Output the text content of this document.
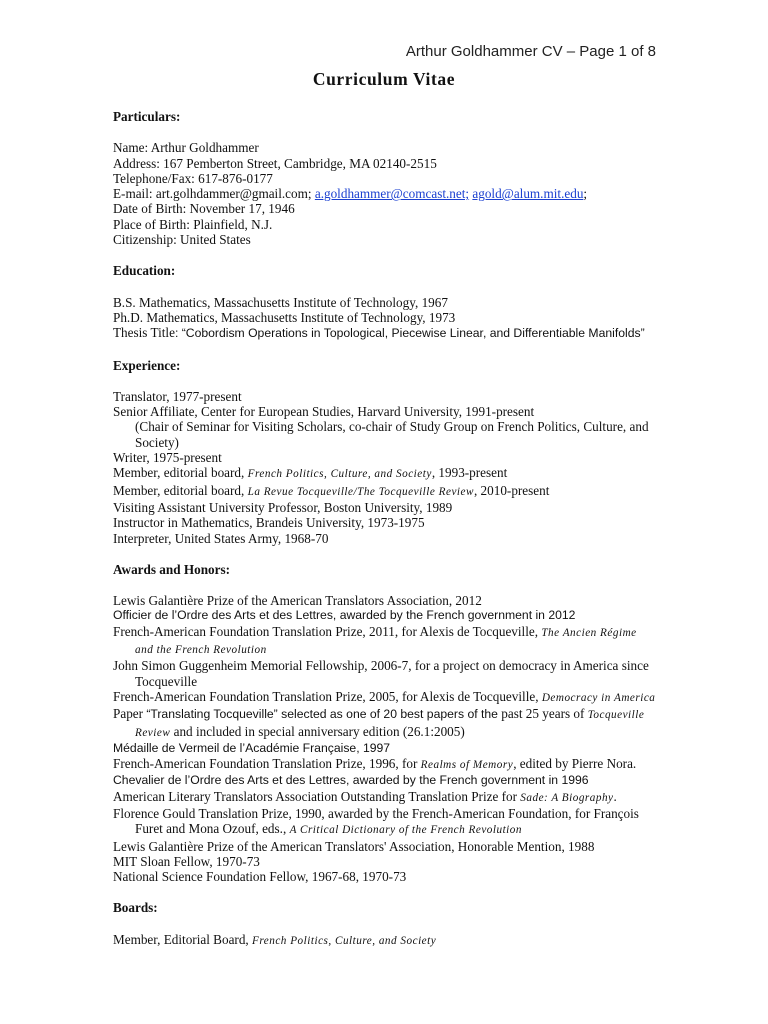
Arthur Goldhammer CV – Page 1 of 8
Curriculum Vitae
Particulars:
Name: Arthur Goldhammer
Address: 167 Pemberton Street, Cambridge, MA 02140-2515
Telephone/Fax: 617-876-0177
E-mail: art.golhdammer@gmail.com; a.goldhammer@comcast.net; agold@alum.mit.edu;
Date of Birth: November 17, 1946
Place of Birth: Plainfield, N.J.
Citizenship: United States
Education:
B.S. Mathematics, Massachusetts Institute of Technology, 1967
Ph.D. Mathematics, Massachusetts Institute of Technology, 1973
Thesis Title: “Cobordism Operations in Topological, Piecewise Linear, and Differentiable Manifolds”
Experience:
Translator, 1977-present
Senior Affiliate, Center for European Studies, Harvard University, 1991-present
(Chair of Seminar for Visiting Scholars, co-chair of Study Group on French Politics, Culture, and Society)
Writer, 1975-present
Member, editorial board, French Politics, Culture, and Society, 1993-present
Member, editorial board, La Revue Tocqueville/The Tocqueville Review, 2010-present
Visiting Assistant University Professor, Boston University, 1989
Instructor in Mathematics, Brandeis University, 1973-1975
Interpreter, United States Army, 1968-70
Awards and Honors:
Lewis Galantière Prize of the American Translators Association, 2012
Officier de l’Ordre des Arts et des Lettres, awarded by the French government in 2012
French-American Foundation Translation Prize, 2011, for Alexis de Tocqueville, The Ancien Régime and the French Revolution
John Simon Guggenheim Memorial Fellowship, 2006-7, for a project on democracy in America since Tocqueville
French-American Foundation Translation Prize, 2005, for Alexis de Tocqueville, Democracy in America
Paper “Translating Tocqueville” selected as one of 20 best papers of the past 25 years of Tocqueville Review and included in special anniversary edition (26.1:2005)
Médaille de Vermeil de l’Académie Française, 1997
French-American Foundation Translation Prize, 1996, for Realms of Memory, edited by Pierre Nora.
Chevalier de l’Ordre des Arts et des Lettres, awarded by the French government in 1996
American Literary Translators Association Outstanding Translation Prize for Sade: A Biography.
Florence Gould Translation Prize, 1990, awarded by the French-American Foundation, for François Furet and Mona Ozouf, eds., A Critical Dictionary of the French Revolution
Lewis Galantière Prize of the American Translators' Association, Honorable Mention, 1988
MIT Sloan Fellow, 1970-73
National Science Foundation Fellow, 1967-68, 1970-73
Boards:
Member, Editorial Board, French Politics, Culture, and Society
